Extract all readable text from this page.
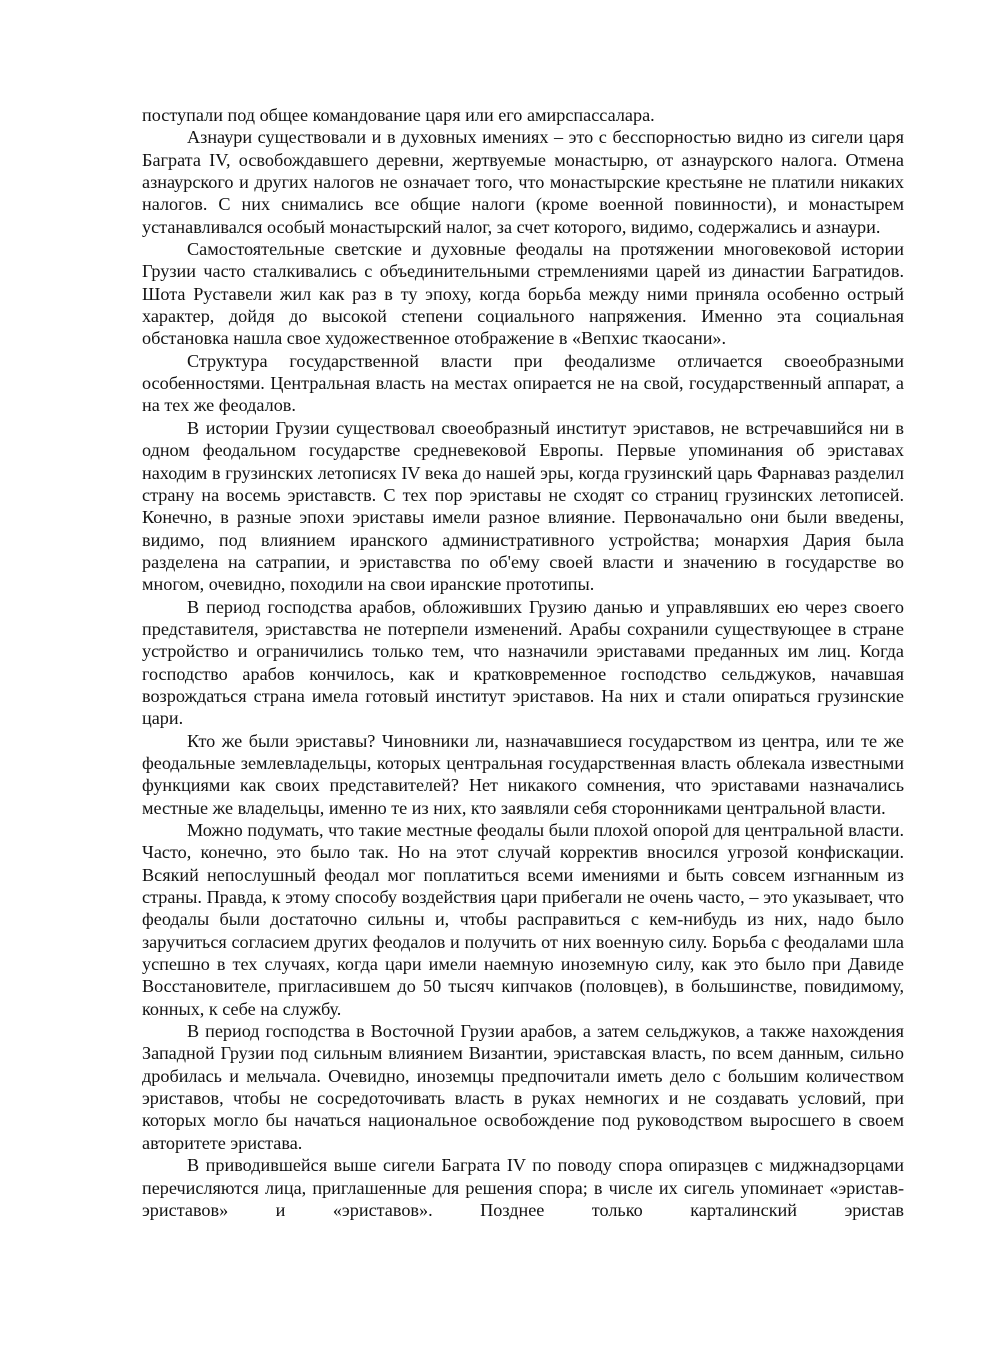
поступали под общее командование царя или его амирспассалара.

Азнаури существовали и в духовных имениях – это с бесспорностью видно из сигели царя Баграта IV, освобождавшего деревни, жертвуемые монастырю, от азнаурского налога. Отмена азнаурского и других налогов не означает того, что монастырские крестьяне не платили никаких налогов. С них снимались все общие налоги (кроме военной повинности), и монастырем устанавливался особый монастырский налог, за счет которого, видимо, содержались и азнаури.

Самостоятельные светские и духовные феодалы на протяжении многовековой истории Грузии часто сталкивались с объединительными стремлениями царей из династии Багратидов. Шота Руставели жил как раз в ту эпоху, когда борьба между ними приняла особенно острый характер, дойдя до высокой степени социального напряжения. Именно эта социальная обстановка нашла свое художественное отображение в «Вепхис ткаосани».

Структура государственной власти при феодализме отличается своеобразными особенностями. Центральная власть на местах опирается не на свой, государственный аппарат, а на тех же феодалов.

В истории Грузии существовал своеобразный институт эриставов, не встречавшийся ни в одном феодальном государстве средневековой Европы. Первые упоминания об эриставах находим в грузинских летописях IV века до нашей эры, когда грузинский царь Фарнаваз разделил страну на восемь эриставств. С тех пор эриставы не сходят со страниц грузинских летописей. Конечно, в разные эпохи эриставы имели разное влияние. Первоначально они были введены, видимо, под влиянием иранского административного устройства; монархия Дария была разделена на сатрапии, и эриставства по об'ему своей власти и значению в государстве во многом, очевидно, походили на свои иранские прототипы.

В период господства арабов, обложивших Грузию данью и управлявших ею через своего представителя, эриставства не потерпели изменений. Арабы сохранили существующее в стране устройство и ограничились только тем, что назначили эриставами преданных им лиц. Когда господство арабов кончилось, как и кратковременное господство сельджуков, начавшая возрождаться страна имела готовый институт эриставов. На них и стали опираться грузинские цари.

Кто же были эриставы? Чиновники ли, назначавшиеся государством из центра, или те же феодальные землевладельцы, которых центральная государственная власть облекала известными функциями как своих представителей? Нет никакого сомнения, что эриставами назначались местные же владельцы, именно те из них, кто заявляли себя сторонниками центральной власти.

Можно подумать, что такие местные феодалы были плохой опорой для центральной власти. Часто, конечно, это было так. Но на этот случай корректив вносился угрозой конфискации. Всякий непослушный феодал мог поплатиться всеми имениями и быть совсем изгнанным из страны. Правда, к этому способу воздействия цари прибегали не очень часто, – это указывает, что феодалы были достаточно сильны и, чтобы расправиться с кем-нибудь из них, надо было заручиться согласием других феодалов и получить от них военную силу. Борьба с феодалами шла успешно в тех случаях, когда цари имели наемную иноземную силу, как это было при Давиде Восстановителе, пригласившем до 50 тысяч кипчаков (половцев), в большинстве, повидимому, конных, к себе на службу.

В период господства в Восточной Грузии арабов, а затем сельджуков, а также нахождения Западной Грузии под сильным влиянием Византии, эриставская власть, по всем данным, сильно дробилась и мельчала. Очевидно, иноземцы предпочитали иметь дело с большим количеством эриставов, чтобы не сосредоточивать власть в руках немногих и не создавать условий, при которых могло бы начаться национальное освобождение под руководством выросшего в своем авторитете эристава.

В приводившейся выше сигели Баграта IV по поводу спора опиразцев с миджнадзорцами перечисляются лица, приглашенные для решения спора; в числе их сигель упоминает «эристав-эриставов» и «эриставов». Позднее только карталинский эристав
